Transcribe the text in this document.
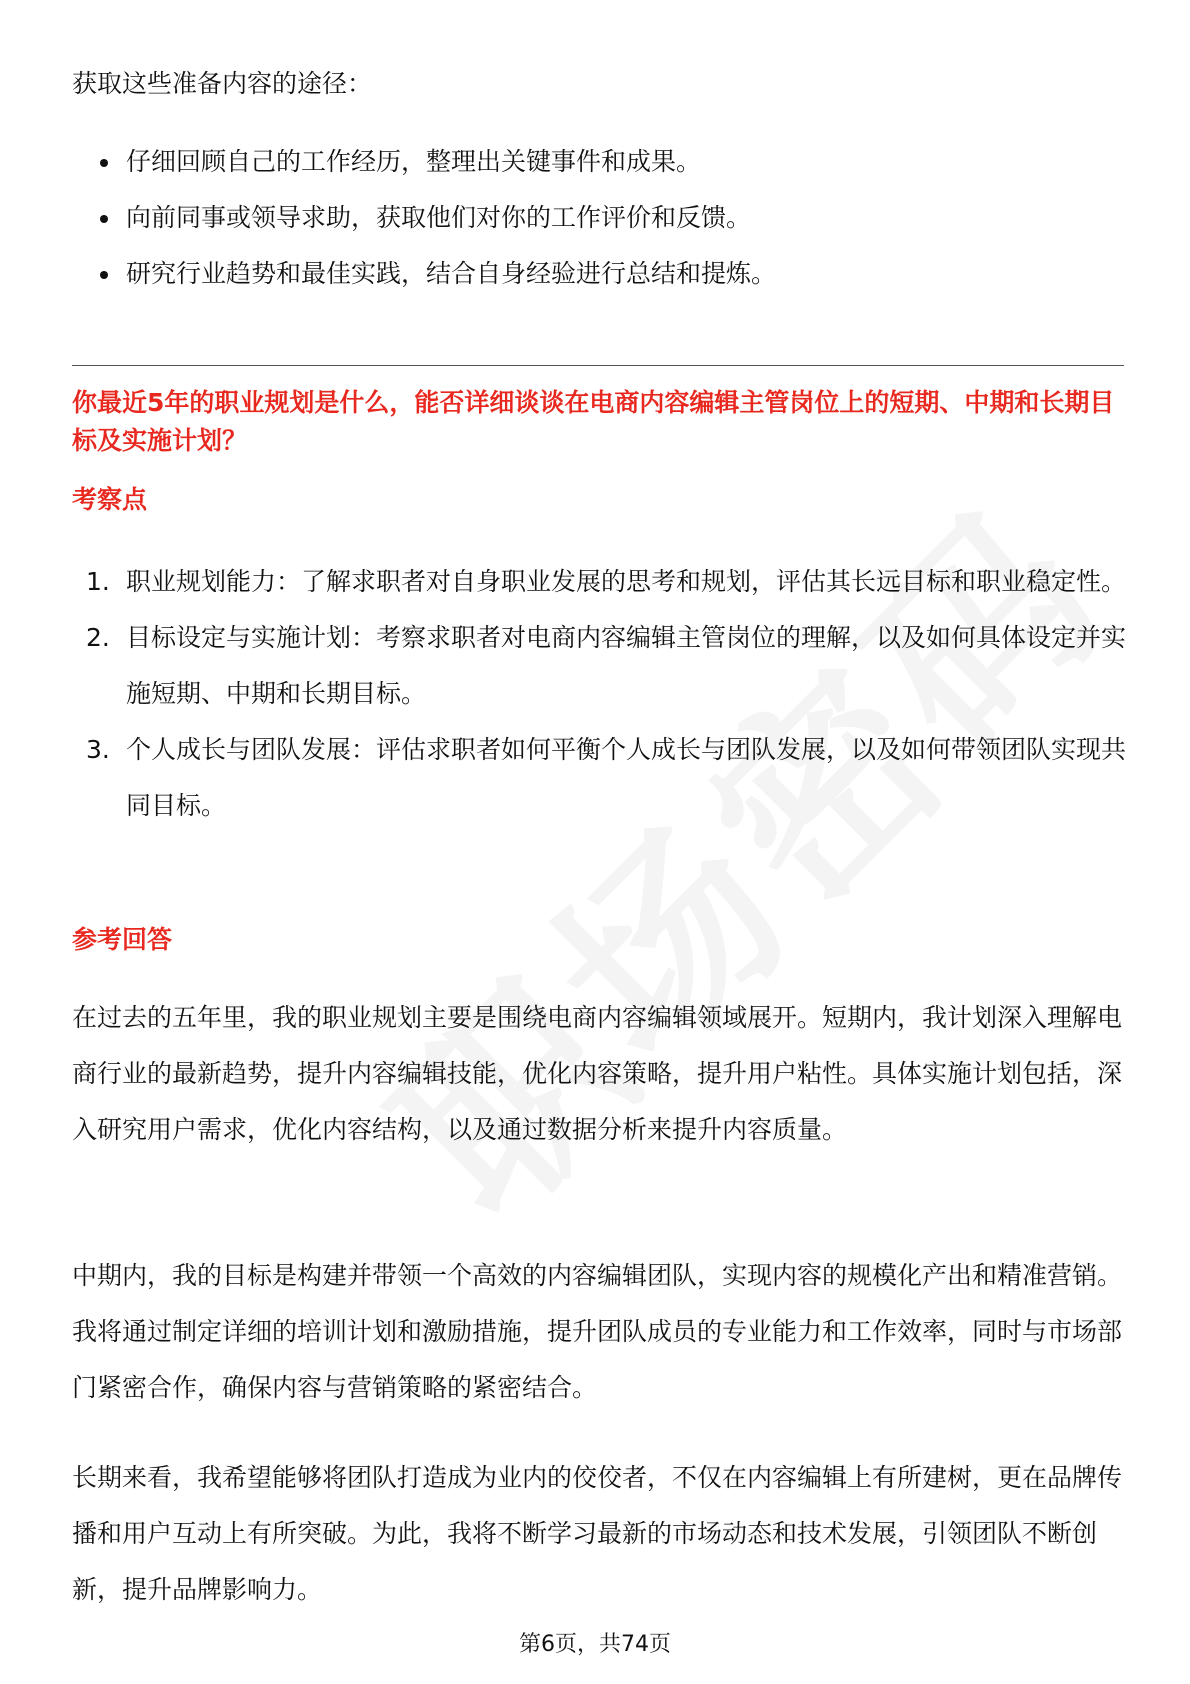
获取这些准备内容的途径：
仔细回顾自己的工作经历，整理出关键事件和成果。
向前同事或领导求助，获取他们对你的工作评价和反馈。
研究行业趋势和最佳实践，结合自身经验进行总结和提炼。
你最近5年的职业规划是什么，能否详细谈谈在电商内容编辑主管岗位上的短期、中期和长期目标及实施计划？
考察点
1. 职业规划能力：了解求职者对自身职业发展的思考和规划，评估其长远目标和职业稳定性。
2. 目标设定与实施计划：考察求职者对电商内容编辑主管岗位的理解，以及如何具体设定并实施短期、中期和长期目标。
3. 个人成长与团队发展：评估求职者如何平衡个人成长与团队发展，以及如何带领团队实现共同目标。
参考回答
在过去的五年里，我的职业规划主要是围绕电商内容编辑领域展开。短期内，我计划深入理解电商行业的最新趋势，提升内容编辑技能，优化内容策略，提升用户粘性。具体实施计划包括，深入研究用户需求，优化内容结构，以及通过数据分析来提升内容质量。
中期内，我的目标是构建并带领一个高效的内容编辑团队，实现内容的规模化产出和精准营销。我将通过制定详细的培训计划和激励措施，提升团队成员的专业能力和工作效率，同时与市场部门紧密合作，确保内容与营销策略的紧密结合。
长期来看，我希望能够将团队打造成为业内的佼佼者，不仅在内容编辑上有所建树，更在品牌传播和用户互动上有所突破。为此，我将不断学习最新的市场动态和技术发展，引领团队不断创新，提升品牌影响力。
第6页，共74页
